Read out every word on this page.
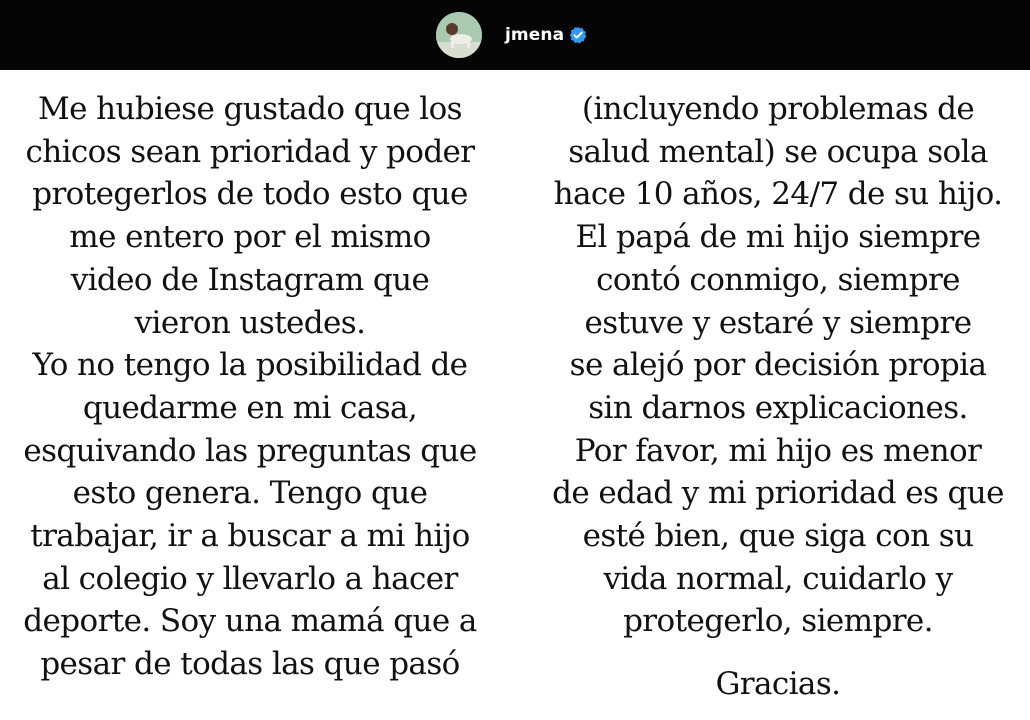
jmena
Me hubiese gustado que los
chicos sean prioridad y poder
protegerlos de todo esto que
me entero por el mismo
video de Instagram que
vieron ustedes.
Yo no tengo la posibilidad de
quedarme en mi casa,
esquivando las preguntas que
esto genera. Tengo que
trabajar, ir a buscar a mi hijo
al colegio y llevarlo a hacer
deporte. Soy una mamá que a
pesar de todas las que pasó
(incluyendo problemas de
salud mental) se ocupa sola
hace 10 años, 24/7 de su hijo.
El papá de mi hijo siempre
contó conmigo, siempre
estuve y estaré y siempre
se alejó por decisión propia
sin darnos explicaciones.
Por favor, mi hijo es menor
de edad y mi prioridad es que
esté bien, que siga con su
vida normal, cuidarlo y
protegerlo, siempre.
Gracias.
